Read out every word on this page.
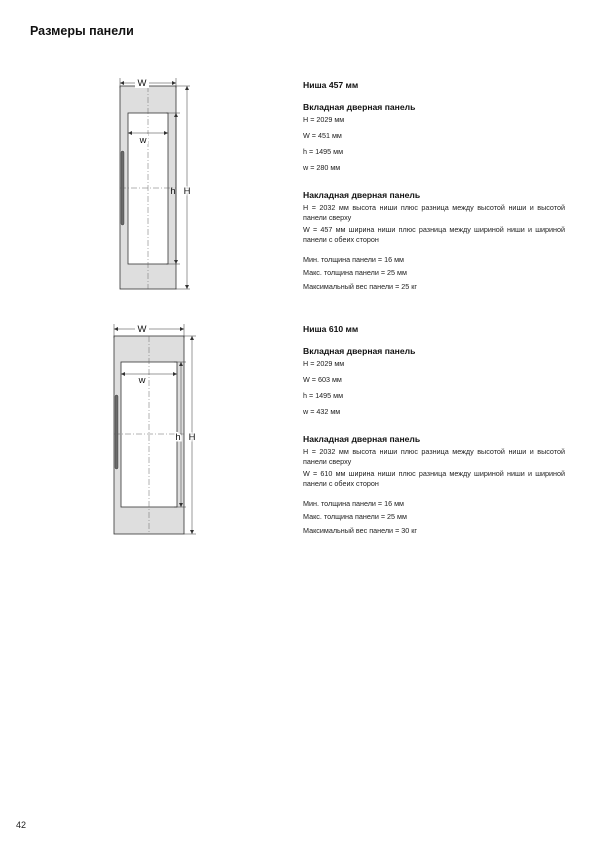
Размеры панели
W
w
h H
W
w
h H
Ниша 457 мм
Вкладная дверная панель
H = 2029 мм
W = 451 мм
h = 1495 мм
w = 280 мм
Накладная дверная панель
H = 2032 мм высота ниши плюс разница между высотой ниши и высотой панели сверху
W = 457 мм ширина ниши плюс разница между шириной ниши и шириной панели с обеих сторон
Мин. толщина панели = 16 мм
Макс. толщина панели = 25 мм
Максимальный вес панели = 25 кг
Ниша 610 мм
Вкладная дверная панель
H = 2029 мм
W = 603 мм
h = 1495 мм
w = 432 мм
Накладная дверная панель
H = 2032 мм высота ниши плюс разница между высотой ниши и высотой панели сверху
W = 610 мм ширина ниши плюс разница между шириной ниши и шириной панели с обеих сторон
Мин. толщина панели = 16 мм
Макс. толщина панели = 25 мм
Максимальный вес панели = 30 кг
42
